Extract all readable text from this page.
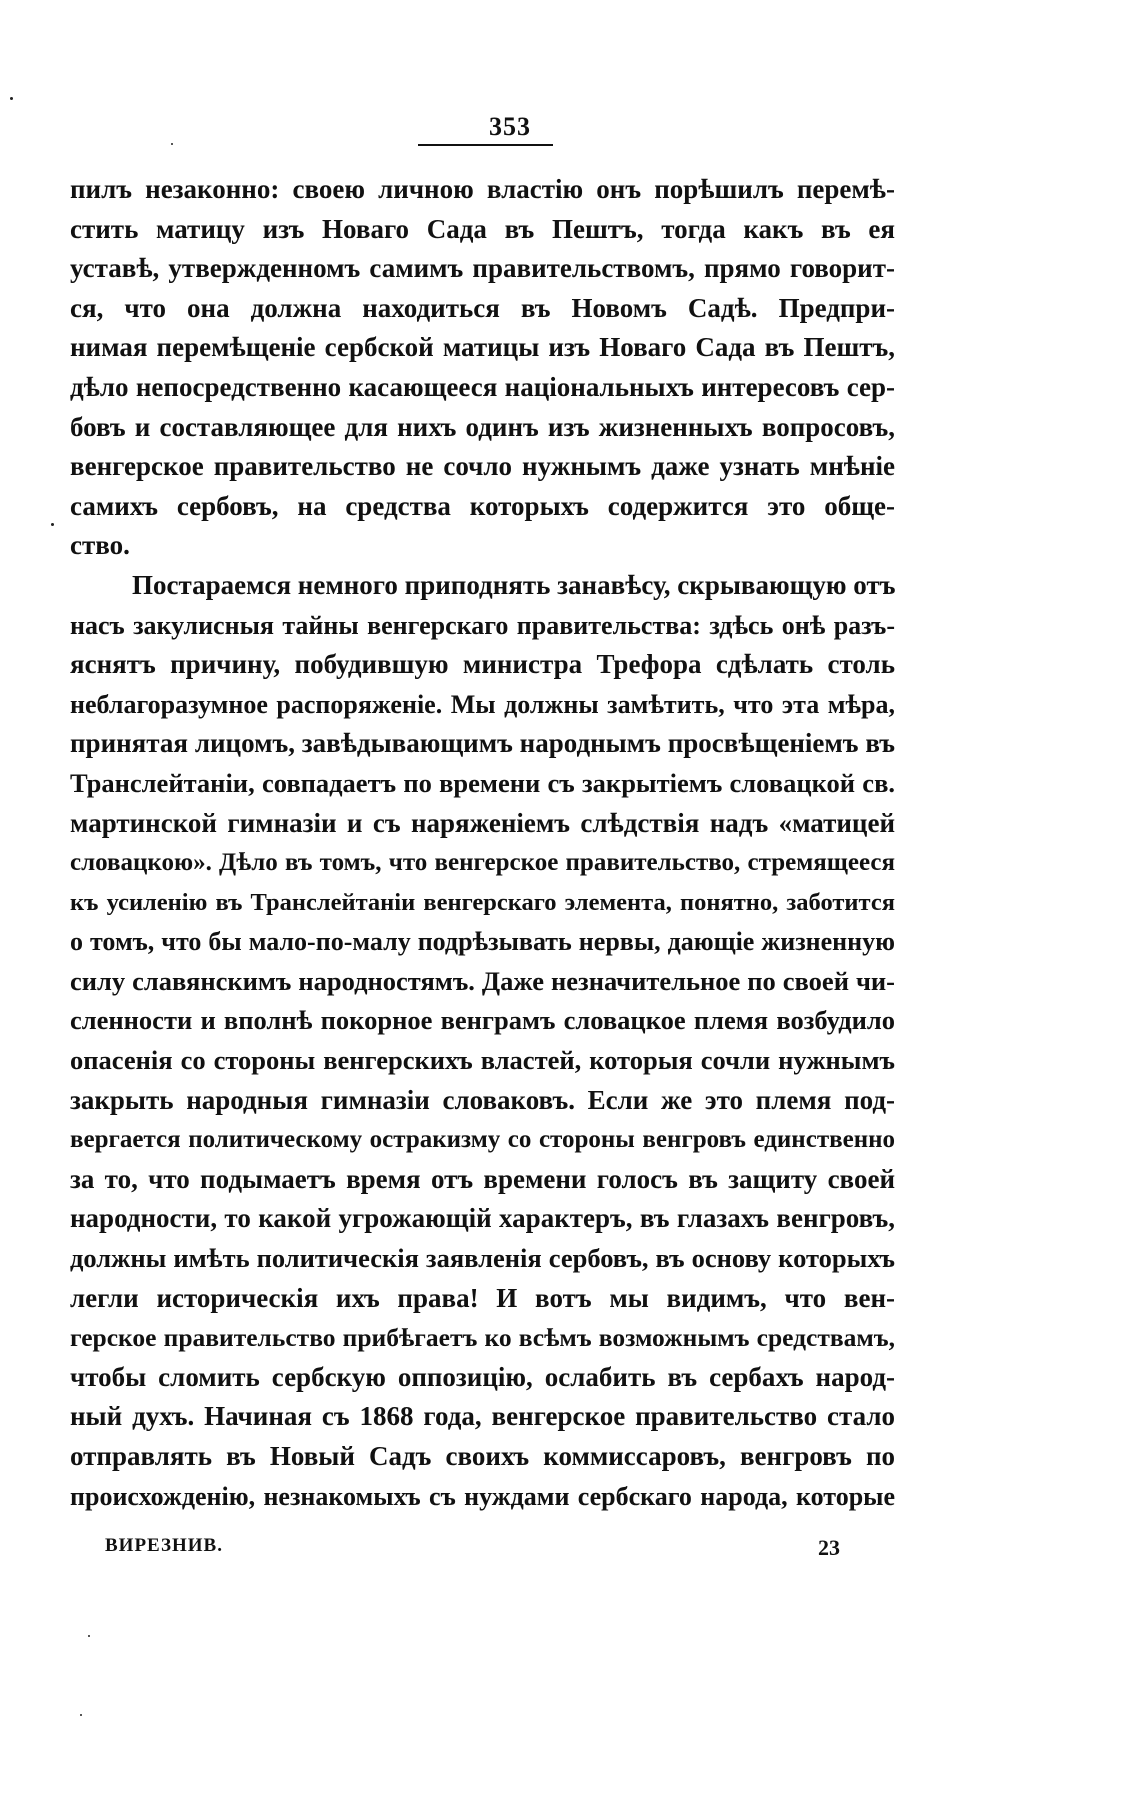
353
пилъ незаконно: своею личною властію онъ порѣшилъ перемѣ-
стить матицу изъ Новаго Сада въ Пештъ, тогда какъ въ ея
уставѣ, утвержденномъ самимъ правительствомъ, прямо говорит-
ся, что она должна находиться въ Новомъ Садѣ. Предпри-
нимая перемѣщеніе сербской матицы изъ Новаго Сада въ Пештъ,
дѣло непосредственно касающееся національныхъ интересовъ сер-
бовъ и составляющее для нихъ одинъ изъ жизненныхъ вопросовъ,
венгерское правительство не сочло нужнымъ даже узнать мнѣніе
самихъ сербовъ, на средства которыхъ содержится это обще-
ство.
Постараемся немного приподнять занавѣсу, скрывающую отъ
насъ закулисныя тайны венгерскаго правительства: здѣсь онѣ разъ-
яснятъ причину, побудившую министра Трефора сдѣлать столь
неблагоразумное распоряженіе. Мы должны замѣтить, что эта мѣра,
принятая лицомъ, завѣдывающимъ народнымъ просвѣщеніемъ въ
Транслейтаніи, совпадаетъ по времени съ закрытіемъ словацкой св.
мартинской гимназіи и съ наряженіемъ слѣдствія надъ «матицей
словацкою». Дѣло въ томъ, что венгерское правительство, стремящееся
къ усиленію въ Транслейтаніи венгерскаго элемента, понятно, заботится
о томъ, что бы мало-по-малу подрѣзывать нервы, дающіе жизненную
силу славянскимъ народностямъ. Даже незначительное по своей чи-
сленности и вполнѣ покорное венграмъ словацкое племя возбудило
опасенія со стороны венгерскихъ властей, которыя сочли нужнымъ
закрыть народныя гимназіи словаковъ. Если же это племя под-
вергается политическому остракизму со стороны венгровъ единственно
за то, что подымаетъ время отъ времени голосъ въ защиту своей
народности, то какой угрожающій характеръ, въ глазахъ венгровъ,
должны имѣть политическія заявленія сербовъ, въ основу которыхъ
легли историческія ихъ права! И вотъ мы видимъ, что вен-
герское правительство прибѣгаетъ ко всѣмъ возможнымъ средствамъ,
чтобы сломить сербскую оппозицію, ослабить въ сербахъ народ-
ный духъ. Начиная съ 1868 года, венгерское правительство стало
отправлять въ Новый Садъ своихъ коммиссаровъ, венгровъ по
происхожденію, незнакомыхъ съ нуждами сербскаго народа, которые
ВИРЕЗНИВ.	23
